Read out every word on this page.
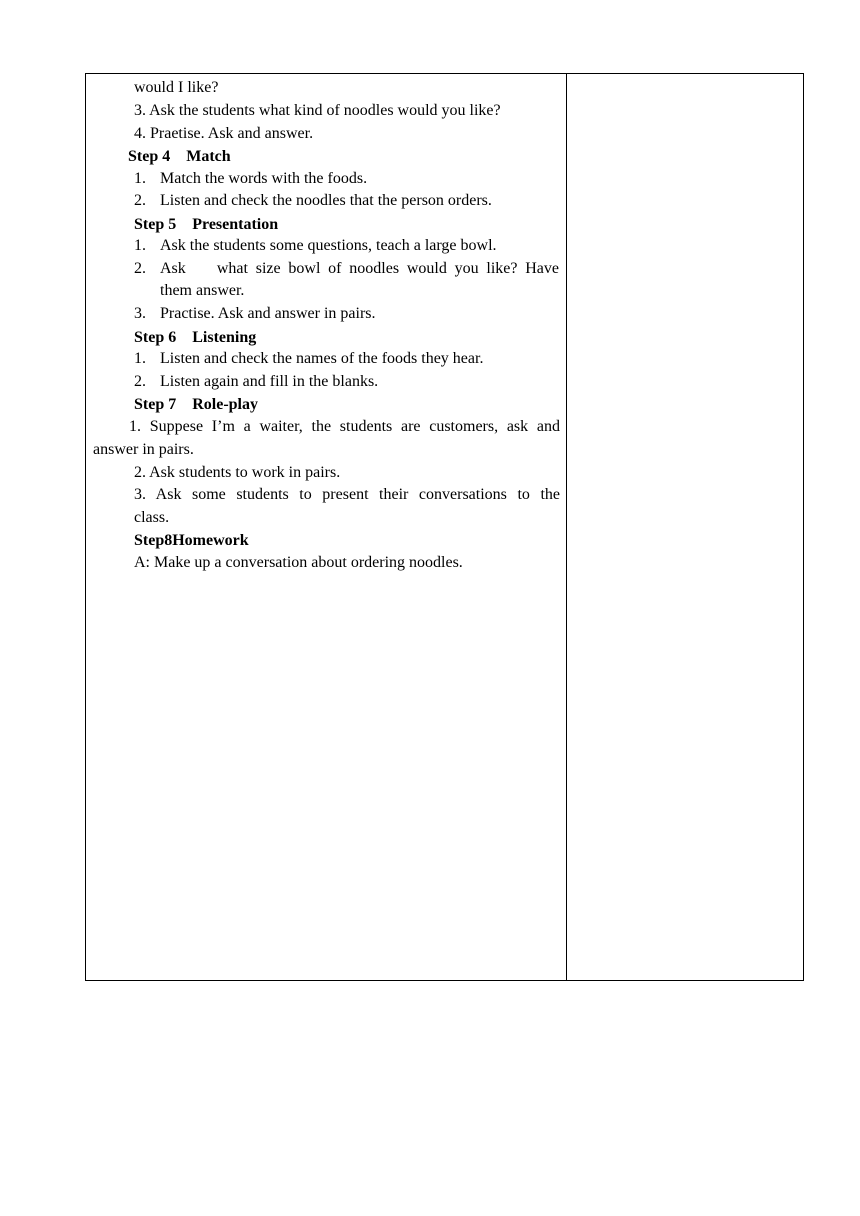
would I like?
3. Ask the students what kind of noodles would you like?
4. Praetise. Ask and answer.
Step 4    Match
1. Match the words with the foods.
2. Listen and check the noodles that the person orders.
Step 5    Presentation
1. Ask the students some questions, teach a large bowl.
2. Ask    what size bowl of noodles would you like? Have
them answer.
3. Practise. Ask and answer in pairs.
Step 6    Listening
1. Listen and check the names of the foods they hear.
2. Listen again and fill in the blanks.
Step 7    Role-play
1. Suppese I’m a waiter, the students are customers, ask and
answer in pairs.
2. Ask students to work in pairs.
3. Ask some students to present their conversations to the
class.
Step8Homework
A: Make up a conversation about ordering noodles.
